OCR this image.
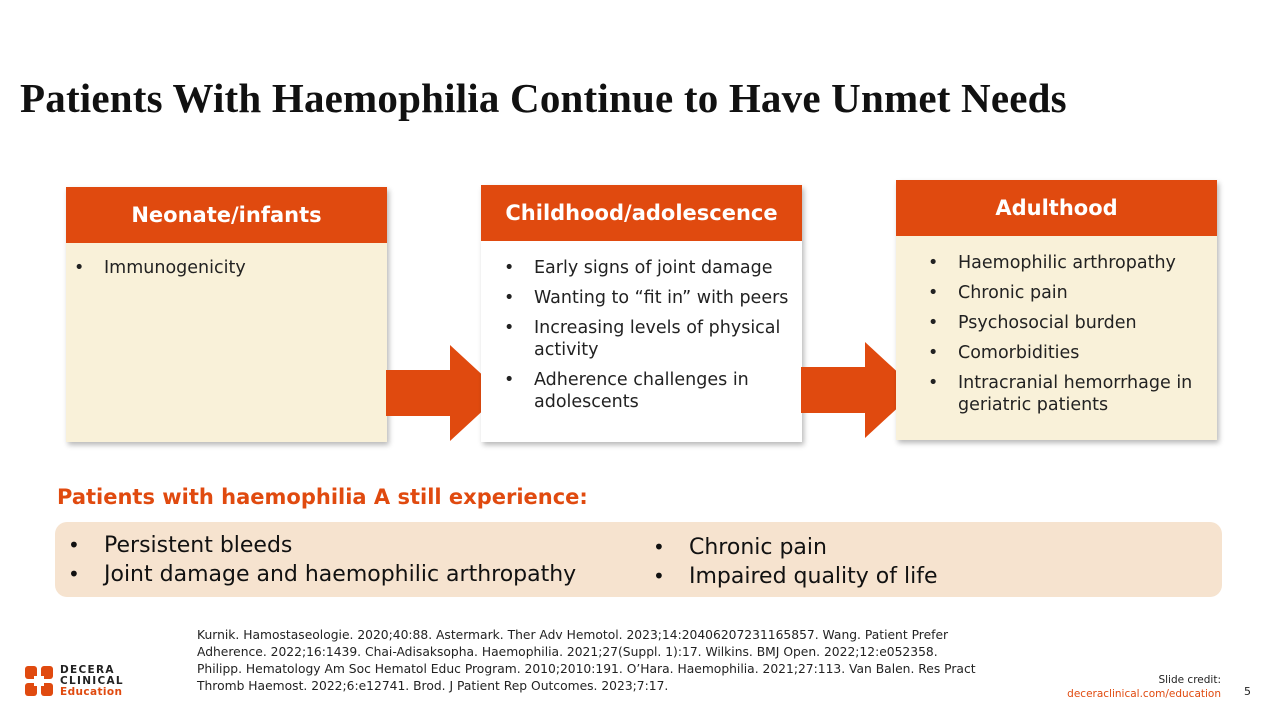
Patients With Haemophilia Continue to Have Unmet Needs
Neonate/infants
• Immunogenicity
Childhood/adolescence
• Early signs of joint damage
• Wanting to “fit in” with peers
• Increasing levels of physical activity
• Adherence challenges in adolescents
Adulthood
• Haemophilic arthropathy
• Chronic pain
• Psychosocial burden
• Comorbidities
• Intracranial hemorrhage in geriatric patients
Patients with haemophilia A still experience:
• Persistent bleeds
• Joint damage and haemophilic arthropathy
• Chronic pain
• Impaired quality of life
Kurnik. Hamostaseologie. 2020;40:88. Astermark. Ther Adv Hemotol. 2023;14:20406207231165857. Wang. Patient Prefer Adherence. 2022;16:1439. Chai-Adisaksopha. Haemophilia. 2021;27(Suppl. 1):17. Wilkins. BMJ Open. 2022;12:e052358. Philipp. Hematology Am Soc Hematol Educ Program. 2010;2010:191. O’Hara. Haemophilia. 2021;27:113. Van Balen. Res Pract Thromb Haemost. 2022;6:e12741. Brod. J Patient Rep Outcomes. 2023;7:17.
DECERA
CLINICAL
Education
Slide credit:
deceraclinical.com/education 5
